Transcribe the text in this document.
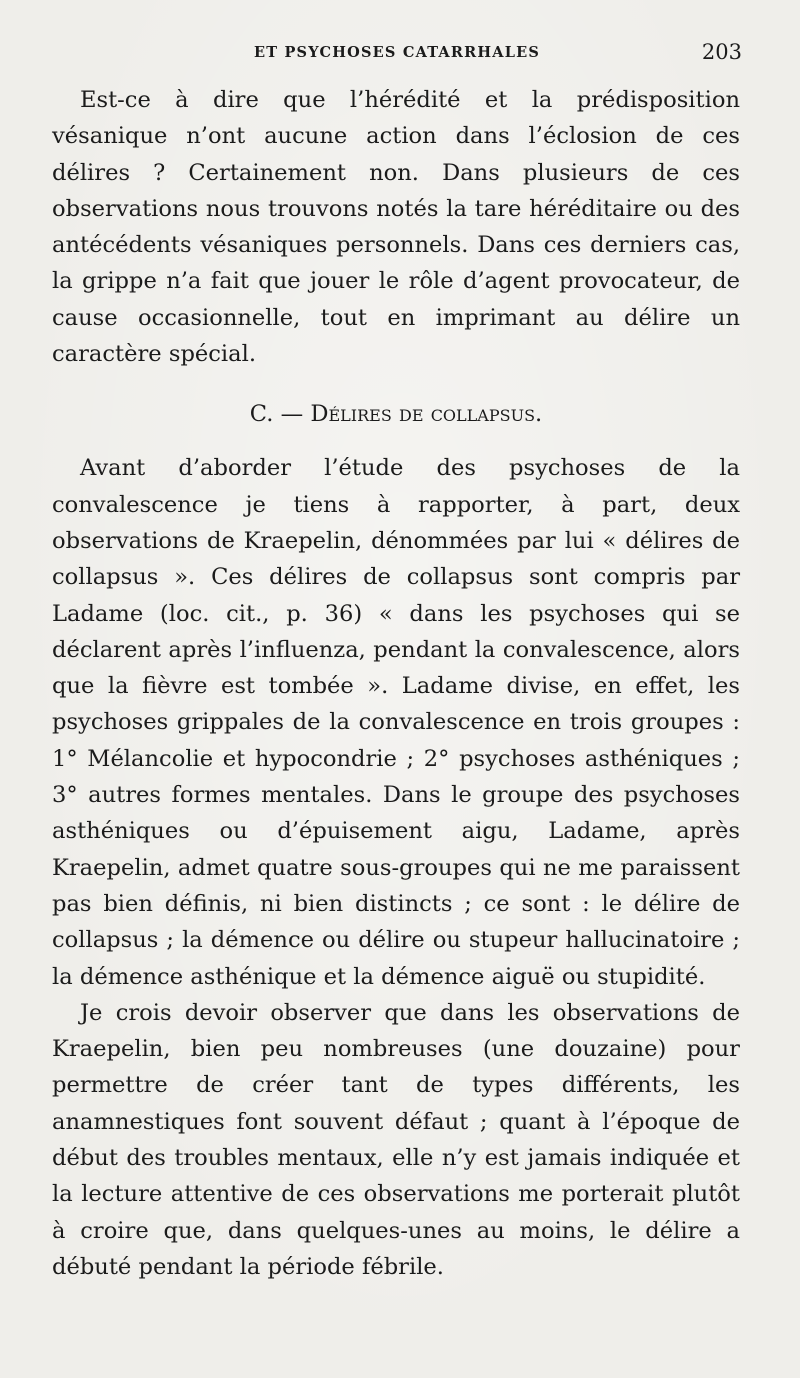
ET PSYCHOSES CATARRHALES	203

Est-ce à dire que l’hérédité et la prédisposition vésanique n’ont aucune action dans l’éclosion de ces délires ? Certainement non. Dans plusieurs de ces observations nous trouvons notés la tare héréditaire ou des antécédents vésaniques personnels. Dans ces derniers cas, la grippe n’a fait que jouer le rôle d’agent provocateur, de cause occasionnelle, tout en imprimant au délire un caractère spécial.

C. — Délires de collapsus.

Avant d’aborder l’étude des psychoses de la convalescence je tiens à rapporter, à part, deux observations de Kraepelin, dénommées par lui « délires de collapsus ». Ces délires de collapsus sont compris par Ladame (loc. cit., p. 36) « dans les psychoses qui se déclarent après l’influenza, pendant la convalescence, alors que la fièvre est tombée ». Ladame divise, en effet, les psychoses grippales de la convalescence en trois groupes : 1° Mélancolie et hypocondrie ; 2° psychoses asthéniques ; 3° autres formes mentales. Dans le groupe des psychoses asthéniques ou d’épuisement aigu, Ladame, après Kraepelin, admet quatre sous-groupes qui ne me paraissent pas bien définis, ni bien distincts ; ce sont : le délire de collapsus ; la démence ou délire ou stupeur hallucinatoire ; la démence asthénique et la démence aiguë ou stupidité.

Je crois devoir observer que dans les observations de Kraepelin, bien peu nombreuses (une douzaine) pour permettre de créer tant de types différents, les anamnestiques font souvent défaut ; quant à l’époque de début des troubles mentaux, elle n’y est jamais indiquée et la lecture attentive de ces observations me porterait plutôt à croire que, dans quelques-unes au moins, le délire a débuté pendant la période fébrile.
